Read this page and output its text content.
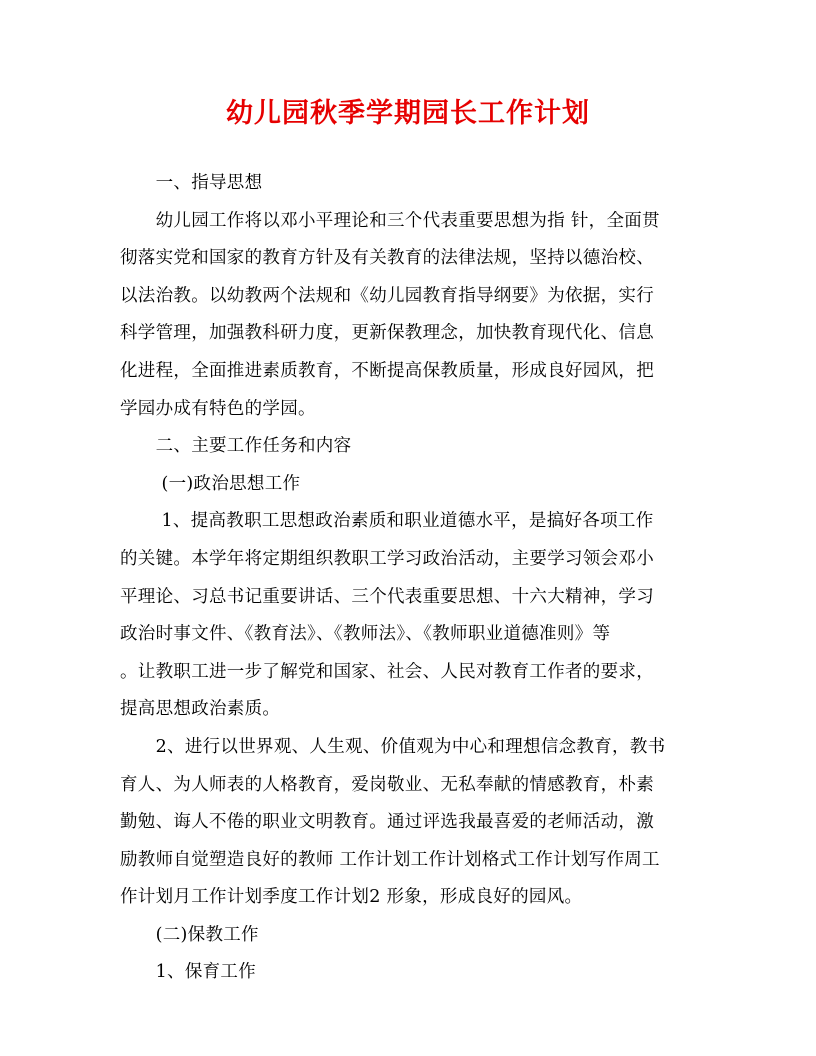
幼儿园秋季学期园长工作计划
　　一、指导思想
　　幼儿园工作将以邓小平理论和三个代表重要思想为指 针，全面贯
彻落实党和国家的教育方针及有关教育的法律法规，坚持以德治校、
以法治教。以幼教两个法规和《幼儿园教育指导纲要》为依据，实行
科学管理，加强教科研力度，更新保教理念，加快教育现代化、信息
化进程，全面推进素质教育，不断提高保教质量，形成良好园风，把
学园办成有特色的学园。
　　二、主要工作任务和内容
　　 (一)政治思想工作
　　 1、提高教职工思想政治素质和职业道德水平，是搞好各项工作
的关键。本学年将定期组织教职工学习政治活动，主要学习领会邓小
平理论、习总书记重要讲话、三个代表重要思想、十六大精神，学习
政治时事文件、《教育法》、《教师法》、《教师职业道德准则》等
。让教职工进一步了解党和国家、社会、人民对教育工作者的要求，
提高思想政治素质。
　　2、进行以世界观、人生观、价值观为中心和理想信念教育，教书
育人、为人师表的人格教育，爱岗敬业、无私奉献的情感教育，朴素
勤勉、诲人不倦的职业文明教育。通过评选我最喜爱的老师活动，激
励教师自觉塑造良好的教师 工作计划工作计划格式工作计划写作周工
作计划月工作计划季度工作计划2 形象，形成良好的园风。
　　(二)保教工作
　　1、保育工作
